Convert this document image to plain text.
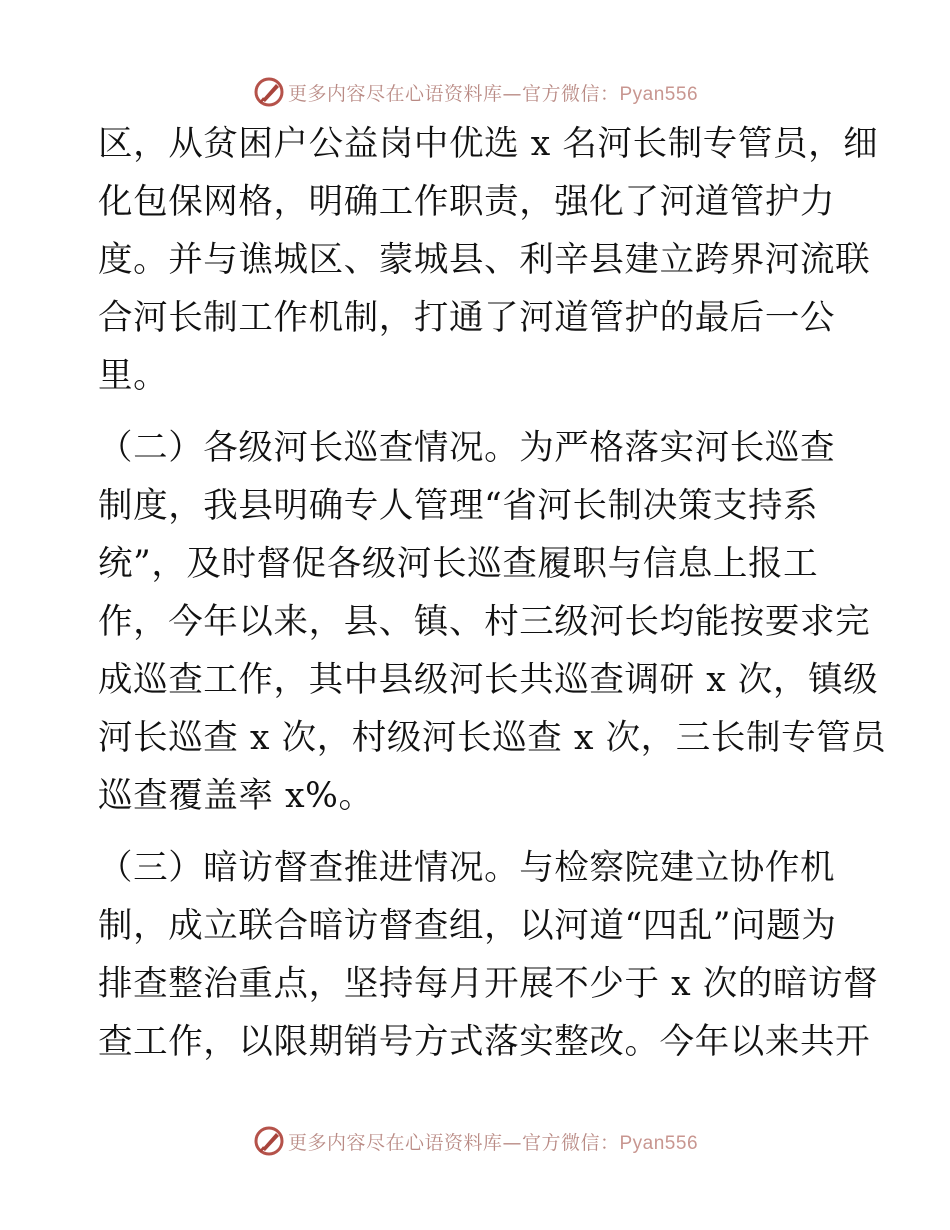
更多内容尽在心语资料库—官方微信：Pyan556
区，从贫困户公益岗中优选 x 名河长制专管员，细
化包保网格，明确工作职责，强化了河道管护力
度。并与谯城区、蒙城县、利辛县建立跨界河流联
合河长制工作机制，打通了河道管护的最后一公
里。
（二）各级河长巡查情况。为严格落实河长巡查
制度，我县明确专人管理“省河长制决策支持系
统”，及时督促各级河长巡查履职与信息上报工
作，今年以来，县、镇、村三级河长均能按要求完
成巡查工作，其中县级河长共巡查调研 x 次，镇级
河长巡查 x 次，村级河长巡查 x 次，三长制专管员
巡查覆盖率 x%。
（三）暗访督查推进情况。与检察院建立协作机
制，成立联合暗访督查组，以河道“四乱”问题为
排查整治重点，坚持每月开展不少于 x 次的暗访督
查工作，以限期销号方式落实整改。今年以来共开
更多内容尽在心语资料库—官方微信：Pyan556
